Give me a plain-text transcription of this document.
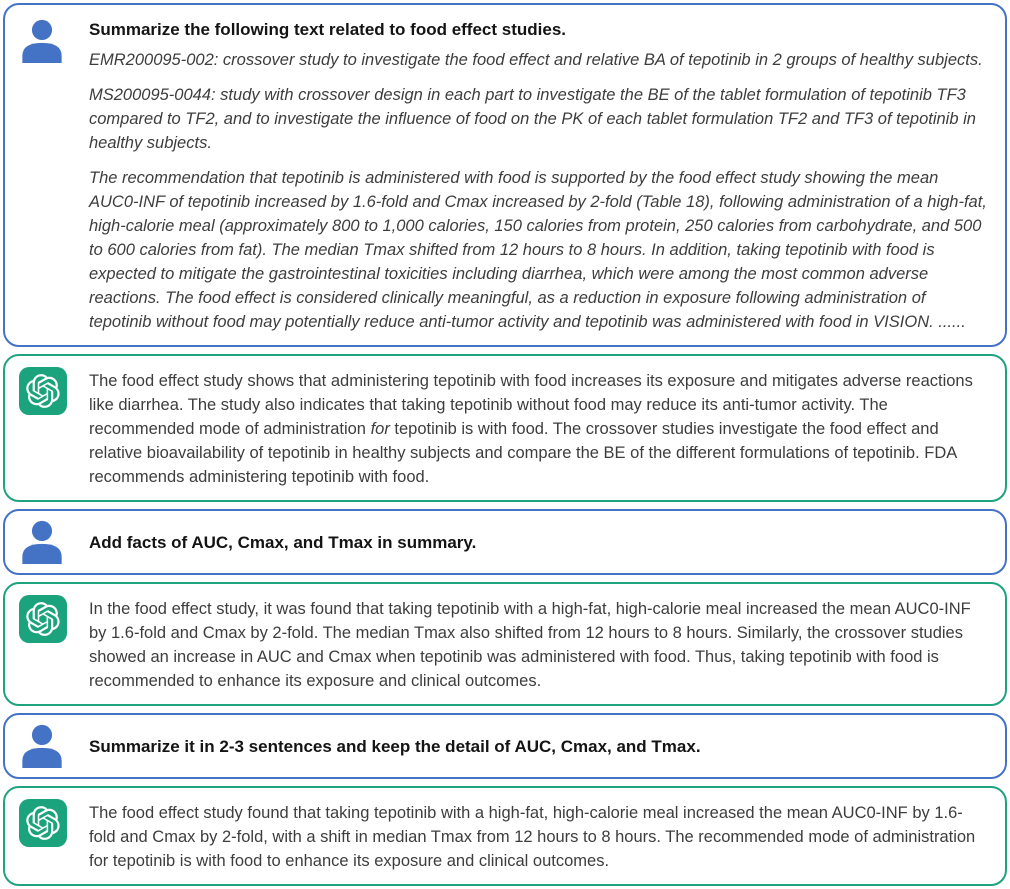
Summarize the following text related to food effect studies.

EMR200095-002: crossover study to investigate the food effect and relative BA of tepotinib in 2 groups of healthy subjects.

MS200095-0044: study with crossover design in each part to investigate the BE of the tablet formulation of tepotinib TF3 compared to TF2, and to investigate the influence of food on the PK of each tablet formulation TF2 and TF3 of tepotinib in healthy subjects.

The recommendation that tepotinib is administered with food is supported by the food effect study showing the mean AUC0-INF of tepotinib increased by 1.6-fold and Cmax increased by 2-fold (Table 18), following administration of a high-fat, high-calorie meal (approximately 800 to 1,000 calories, 150 calories from protein, 250 calories from carbohydrate, and 500 to 600 calories from fat). The median Tmax shifted from 12 hours to 8 hours. In addition, taking tepotinib with food is expected to mitigate the gastrointestinal toxicities including diarrhea, which were among the most common adverse reactions. The food effect is considered clinically meaningful, as a reduction in exposure following administration of tepotinib without food may potentially reduce anti-tumor activity and tepotinib was administered with food in VISION. ......

The food effect study shows that administering tepotinib with food increases its exposure and mitigates adverse reactions like diarrhea. The study also indicates that taking tepotinib without food may reduce its anti-tumor activity. The recommended mode of administration for tepotinib is with food. The crossover studies investigate the food effect and relative bioavailability of tepotinib in healthy subjects and compare the BE of the different formulations of tepotinib. FDA recommends administering tepotinib with food.

Add facts of AUC, Cmax, and Tmax in summary.

In the food effect study, it was found that taking tepotinib with a high-fat, high-calorie meal increased the mean AUC0-INF by 1.6-fold and Cmax by 2-fold. The median Tmax also shifted from 12 hours to 8 hours. Similarly, the crossover studies showed an increase in AUC and Cmax when tepotinib was administered with food. Thus, taking tepotinib with food is recommended to enhance its exposure and clinical outcomes.

Summarize it in 2-3 sentences and keep the detail of AUC, Cmax, and Tmax.

The food effect study found that taking tepotinib with a high-fat, high-calorie meal increased the mean AUC0-INF by 1.6-fold and Cmax by 2-fold, with a shift in median Tmax from 12 hours to 8 hours. The recommended mode of administration for tepotinib is with food to enhance its exposure and clinical outcomes.
